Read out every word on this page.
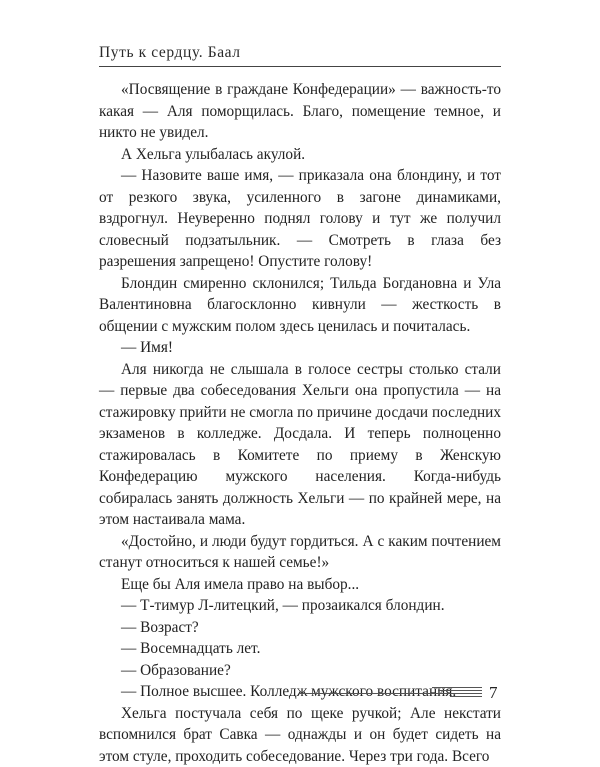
Путь к сердцу. Баал

«Посвящение в граждане Конфедерации» — важность-то какая — Аля поморщилась. Благо, помещение темное, и никто не увидел.

А Хельга улыбалась акулой.

— Назовите ваше имя, — приказала она блондину, и тот от резкого звука, усиленного в загоне динамиками, вздрогнул. Неуверенно поднял голову и тут же получил словесный подзатыльник. — Смотреть в глаза без разрешения запрещено! Опустите голову!

Блондин смиренно склонился; Тильда Богдановна и Ула Валентиновна благосклонно кивнули — жесткость в общении с мужским полом здесь ценилась и почиталась.

— Имя!

Аля никогда не слышала в голосе сестры столько стали — первые два собеседования Хельги она пропустила — на стажировку прийти не смогла по причине досдачи последних экзаменов в колледже. Досдала. И теперь полноценно стажировалась в Комитете по приему в Женскую Конфедерацию мужского населения. Когда-нибудь собиралась занять должность Хельги — по крайней мере, на этом настаивала мама.

«Достойно, и люди будут гордиться. А с каким почтением станут относиться к нашей семье!»

Еще бы Аля имела право на выбор...

— Т-тимур Л-литецкий, — прозаикался блондин.

— Возраст?

— Восемнадцать лет.

— Образование?

— Полное высшее. Колледж мужского воспитания.

Хельга постучала себя по щеке ручкой; Але некстати вспомнился брат Савка — однажды и он будет сидеть на этом стуле, проходить собеседование. Через три года. Всего

7
